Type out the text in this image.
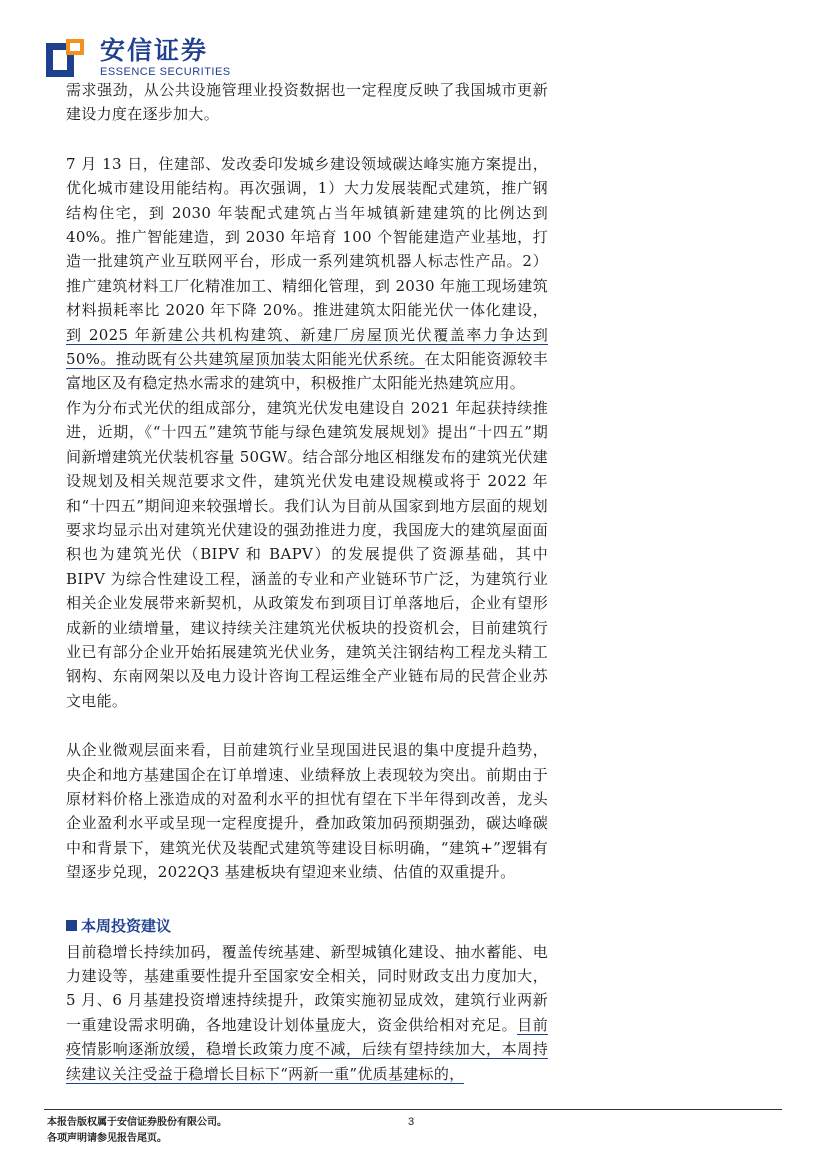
安信证券
ESSENCE SECURITIES

需求强劲，从公共设施管理业投资数据也一定程度反映了我国城市更新建设力度在逐步加大。

7 月 13 日，住建部、发改委印发城乡建设领域碳达峰实施方案提出，优化城市建设用能结构。再次强调，1）大力发展装配式建筑，推广钢结构住宅，到 2030 年装配式建筑占当年城镇新建建筑的比例达到 40%。推广智能建造，到 2030 年培育 100 个智能建造产业基地，打造一批建筑产业互联网平台，形成一系列建筑机器人标志性产品。2）推广建筑材料工厂化精准加工、精细化管理，到 2030 年施工现场建筑材料损耗率比 2020 年下降 20%。推进建筑太阳能光伏一体化建设，到 2025 年新建公共机构建筑、新建厂房屋顶光伏覆盖率力争达到 50%。推动既有公共建筑屋顶加装太阳能光伏系统。在太阳能资源较丰富地区及有稳定热水需求的建筑中，积极推广太阳能光热建筑应用。

作为分布式光伏的组成部分，建筑光伏发电建设自 2021 年起获持续推进，近期，《“十四五”建筑节能与绿色建筑发展规划》提出“十四五”期间新增建筑光伏装机容量 50GW。结合部分地区相继发布的建筑光伏建设规划及相关规范要求文件，建筑光伏发电建设规模或将于 2022 年和“十四五”期间迎来较强增长。我们认为目前从国家到地方层面的规划要求均显示出对建筑光伏建设的强劲推进力度，我国庞大的建筑屋面面积也为建筑光伏（BIPV 和 BAPV）的发展提供了资源基础，其中 BIPV 为综合性建设工程，涵盖的专业和产业链环节广泛，为建筑行业相关企业发展带来新契机，从政策发布到项目订单落地后，企业有望形成新的业绩增量，建议持续关注建筑光伏板块的投资机会，目前建筑行业已有部分企业开始拓展建筑光伏业务，建筑关注钢结构工程龙头精工钢构、东南网架以及电力设计咨询工程运维全产业链布局的民营企业苏文电能。

从企业微观层面来看，目前建筑行业呈现国进民退的集中度提升趋势，央企和地方基建国企在订单增速、业绩释放上表现较为突出。前期由于原材料价格上涨造成的对盈利水平的担忧有望在下半年得到改善，龙头企业盈利水平或呈现一定程度提升，叠加政策加码预期强劲，碳达峰碳中和背景下，建筑光伏及装配式建筑等建设目标明确，“建筑+”逻辑有望逐步兑现，2022Q3 基建板块有望迎来业绩、估值的双重提升。

本周投资建议

目前稳增长持续加码，覆盖传统基建、新型城镇化建设、抽水蓄能、电力建设等，基建重要性提升至国家安全相关，同时财政支出力度加大，5 月、6 月基建投资增速持续提升，政策实施初显成效，建筑行业两新一重建设需求明确，各地建设计划体量庞大，资金供给相对充足。目前疫情影响逐渐放缓，稳增长政策力度不减，后续有望持续加大，本周持续建议关注受益于稳增长目标下“两新一重”优质基建标的，

本报告版权属于安信证券股份有限公司。
各项声明请参见报告尾页。
3
